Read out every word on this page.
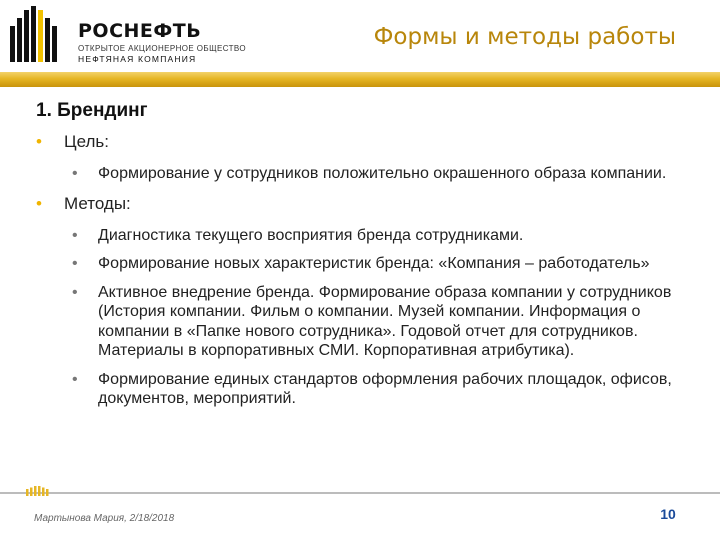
РОСНЕФТЬ
ОТКРЫТОЕ АКЦИОНЕРНОЕ ОБЩЕСТВО
НЕФТЯНАЯ КОМПАНИЯ
Формы и методы работы
1. Брендинг
• Цель:
• Формирование у сотрудников положительно окрашенного образа компании.
• Методы:
• Диагностика текущего восприятия бренда сотрудниками.
• Формирование новых характеристик бренда: «Компания – работодатель»
• Активное внедрение бренда. Формирование образа компании у сотрудников (История компании. Фильм о компании. Музей компании. Информация о компании в «Папке нового сотрудника». Годовой отчет для сотрудников. Материалы в корпоративных СМИ. Корпоративная атрибутика).
• Формирование единых стандартов оформления рабочих площадок, офисов, документов, мероприятий.
Мартынова Мария, 2/18/2018	10
